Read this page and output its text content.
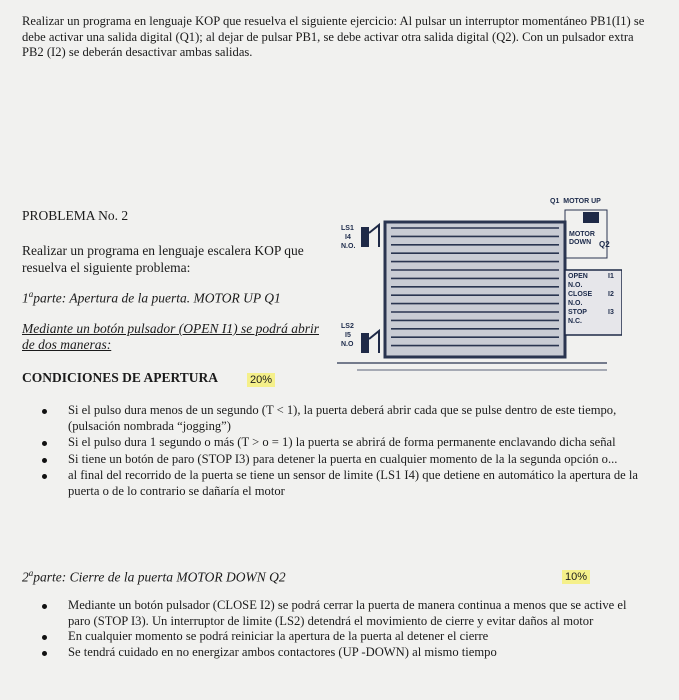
Realizar un programa en lenguaje KOP que resuelva el siguiente ejercicio: Al pulsar un interruptor momentáneo PB1(I1) se debe activar una salida digital (Q1); al dejar de pulsar PB1, se debe activar otra salida digital (Q2). Con un pulsador extra PB2 (I2) se deberán desactivar ambas salidas.

PROBLEMA No. 2

Realizar un programa en lenguaje escalera KOP que resuelva el siguiente problema:

1$^a$parte: Apertura de la puerta. MOTOR UP Q1

Mediante un botón pulsador (OPEN I1) se podrá abrir de dos maneras:

CONDICIONES DE APERTURA	20%
Si el pulso dura menos de un segundo (T < 1), la puerta deberá abrir cada que se pulse dentro de este tiempo, (pulsación nombrada “jogging”)
Si el pulso dura 1 segundo o más (T > o = 1) la puerta se abrirá de forma permanente enclavando dicha señal
Si tiene un botón de paro (STOP I3) para detener la puerta en cualquier momento de la la segunda opción o...
al final del recorrido de la puerta se tiene un sensor de limite (LS1 I4) que detiene en automático la apertura de la puerta o de lo contrario se dañaría el motor
2$^a$parte: Cierre de la puerta MOTOR DOWN Q2	10%
Mediante un botón pulsador (CLOSE I2) se podrá cerrar la puerta de manera continua a menos que se active el paro (STOP I3). Un interruptor de limite (LS2) detendrá el movimiento de cierre y evitar daños al motor
En cualquier momento se podrá reiniciar la apertura de la puerta al detener el cierre
Se tendrá cuidado en no energizar ambos contactores (UP -DOWN) al mismo tiempo
Q1 MOTOR UP
MOTOR DOWN Q2
LS1
I4
N.O.
LS2
I5
N.O
OPEN	I1
N.O.
CLOSE I2
N.O.
STOP	I3
N.C.
